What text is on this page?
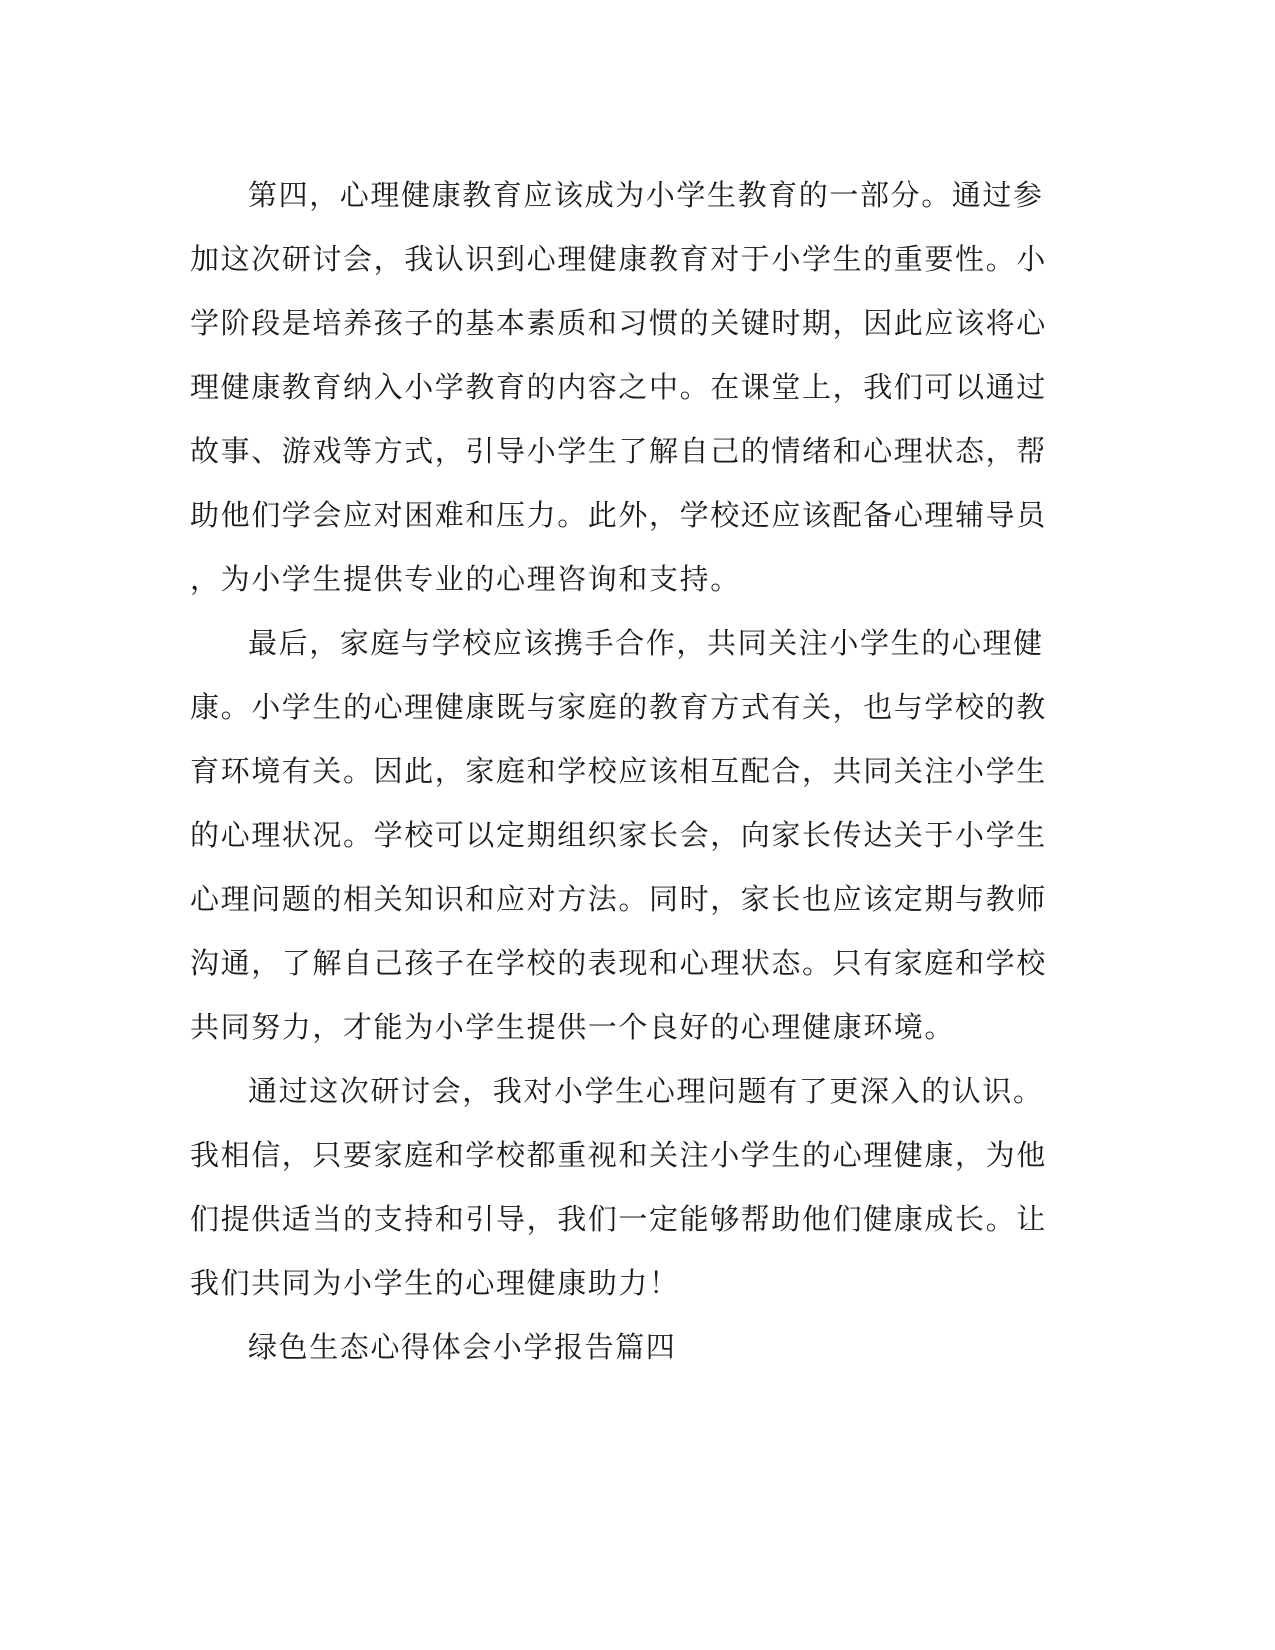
第四，心理健康教育应该成为小学生教育的一部分。通过参加这次研讨会，我认识到心理健康教育对于小学生的重要性。小学阶段是培养孩子的基本素质和习惯的关键时期，因此应该将心理健康教育纳入小学教育的内容之中。在课堂上，我们可以通过故事、游戏等方式，引导小学生了解自己的情绪和心理状态，帮助他们学会应对困难和压力。此外，学校还应该配备心理辅导员，为小学生提供专业的心理咨询和支持。

最后，家庭与学校应该携手合作，共同关注小学生的心理健康。小学生的心理健康既与家庭的教育方式有关，也与学校的教育环境有关。因此，家庭和学校应该相互配合，共同关注小学生的心理状况。学校可以定期组织家长会，向家长传达关于小学生心理问题的相关知识和应对方法。同时，家长也应该定期与教师沟通，了解自己孩子在学校的表现和心理状态。只有家庭和学校共同努力，才能为小学生提供一个良好的心理健康环境。

通过这次研讨会，我对小学生心理问题有了更深入的认识。我相信，只要家庭和学校都重视和关注小学生的心理健康，为他们提供适当的支持和引导，我们一定能够帮助他们健康成长。让我们共同为小学生的心理健康助力！

绿色生态心得体会小学报告篇四
